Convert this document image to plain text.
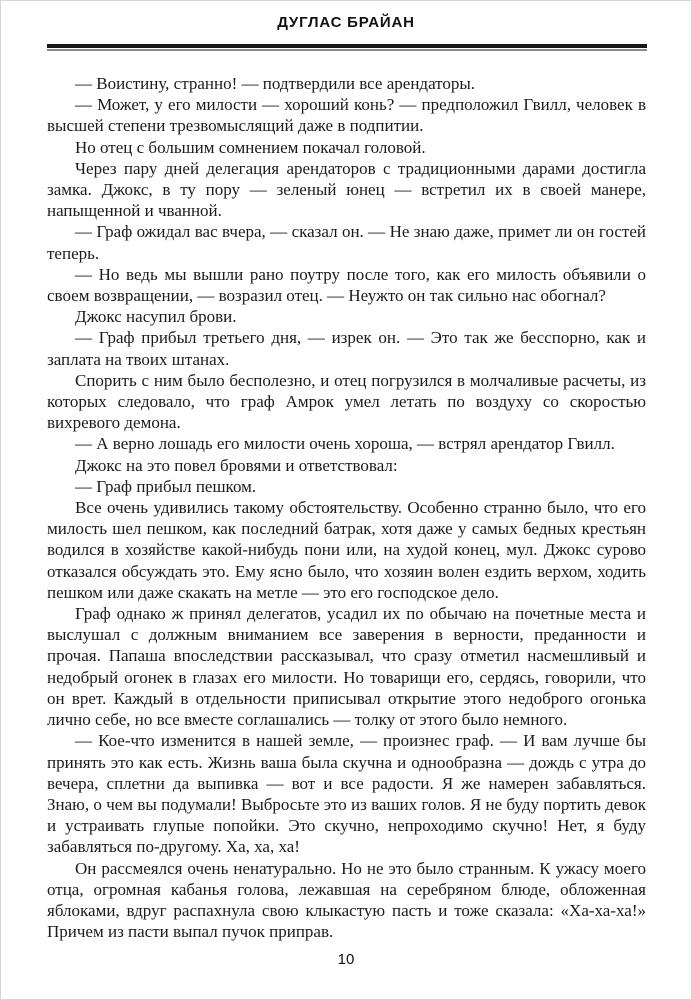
ДУГЛАС БРАЙАН

— Воистину, странно! — подтвердили все арендаторы.

— Может, у его милости — хороший конь? — предположил Гвилл, человек в высшей степени трезвомыслящий даже в подпитии.

Но отец с большим сомнением покачал головой.

Через пару дней делегация арендаторов с традиционными дарами достигла замка. Джокс, в ту пору — зеленый юнец — встретил их в своей манере, напыщенной и чванной.

— Граф ожидал вас вчера, — сказал он. — Не знаю даже, примет ли он гостей теперь.

— Но ведь мы вышли рано поутру после того, как его милость объявили о своем возвращении, — возразил отец. — Неужто он так сильно нас обогнал?

Джокс насупил брови.

— Граф прибыл третьего дня, — изрек он. — Это так же бесспорно, как и заплата на твоих штанах.

Спорить с ним было бесполезно, и отец погрузился в молчаливые расчеты, из которых следовало, что граф Амрок умел летать по воздуху со скоростью вихревого демона.

— А верно лошадь его милости очень хороша, — встрял арендатор Гвилл.

Джокс на это повел бровями и ответствовал:

— Граф прибыл пешком.

Все очень удивились такому обстоятельству. Особенно странно было, что его милость шел пешком, как последний батрак, хотя даже у самых бедных крестьян водился в хозяйстве какой-нибудь пони или, на худой конец, мул. Джокс сурово отказался обсуждать это. Ему ясно было, что хозяин волен ездить верхом, ходить пешком или даже скакать на метле — это его господское дело.

Граф однако ж принял делегатов, усадил их по обычаю на почетные места и выслушал с должным вниманием все заверения в верности, преданности и прочая. Папаша впоследствии рассказывал, что сразу отметил насмешливый и недобрый огонек в глазах его милости. Но товарищи его, сердясь, говорили, что он врет. Каждый в отдельности приписывал открытие этого недоброго огонька лично себе, но все вместе соглашались — толку от этого было немного.

— Кое-что изменится в нашей земле, — произнес граф. — И вам лучше бы принять это как есть. Жизнь ваша была скучна и однообразна — дождь с утра до вечера, сплетни да выпивка — вот и все радости. Я же намерен забавляться. Знаю, о чем вы подумали! Выбросьте это из ваших голов. Я не буду портить девок и устраивать глупые попойки. Это скучно, непроходимо скучно! Нет, я буду забавляться по-другому. Ха, ха, ха!

Он рассмеялся очень ненатурально. Но не это было странным. К ужасу моего отца, огромная кабанья голова, лежавшая на серебряном блюде, обложенная яблоками, вдруг распахнула свою клыкастую пасть и тоже сказала: «Ха-ха-ха!» Причем из пасти выпал пучок приправ.

10
